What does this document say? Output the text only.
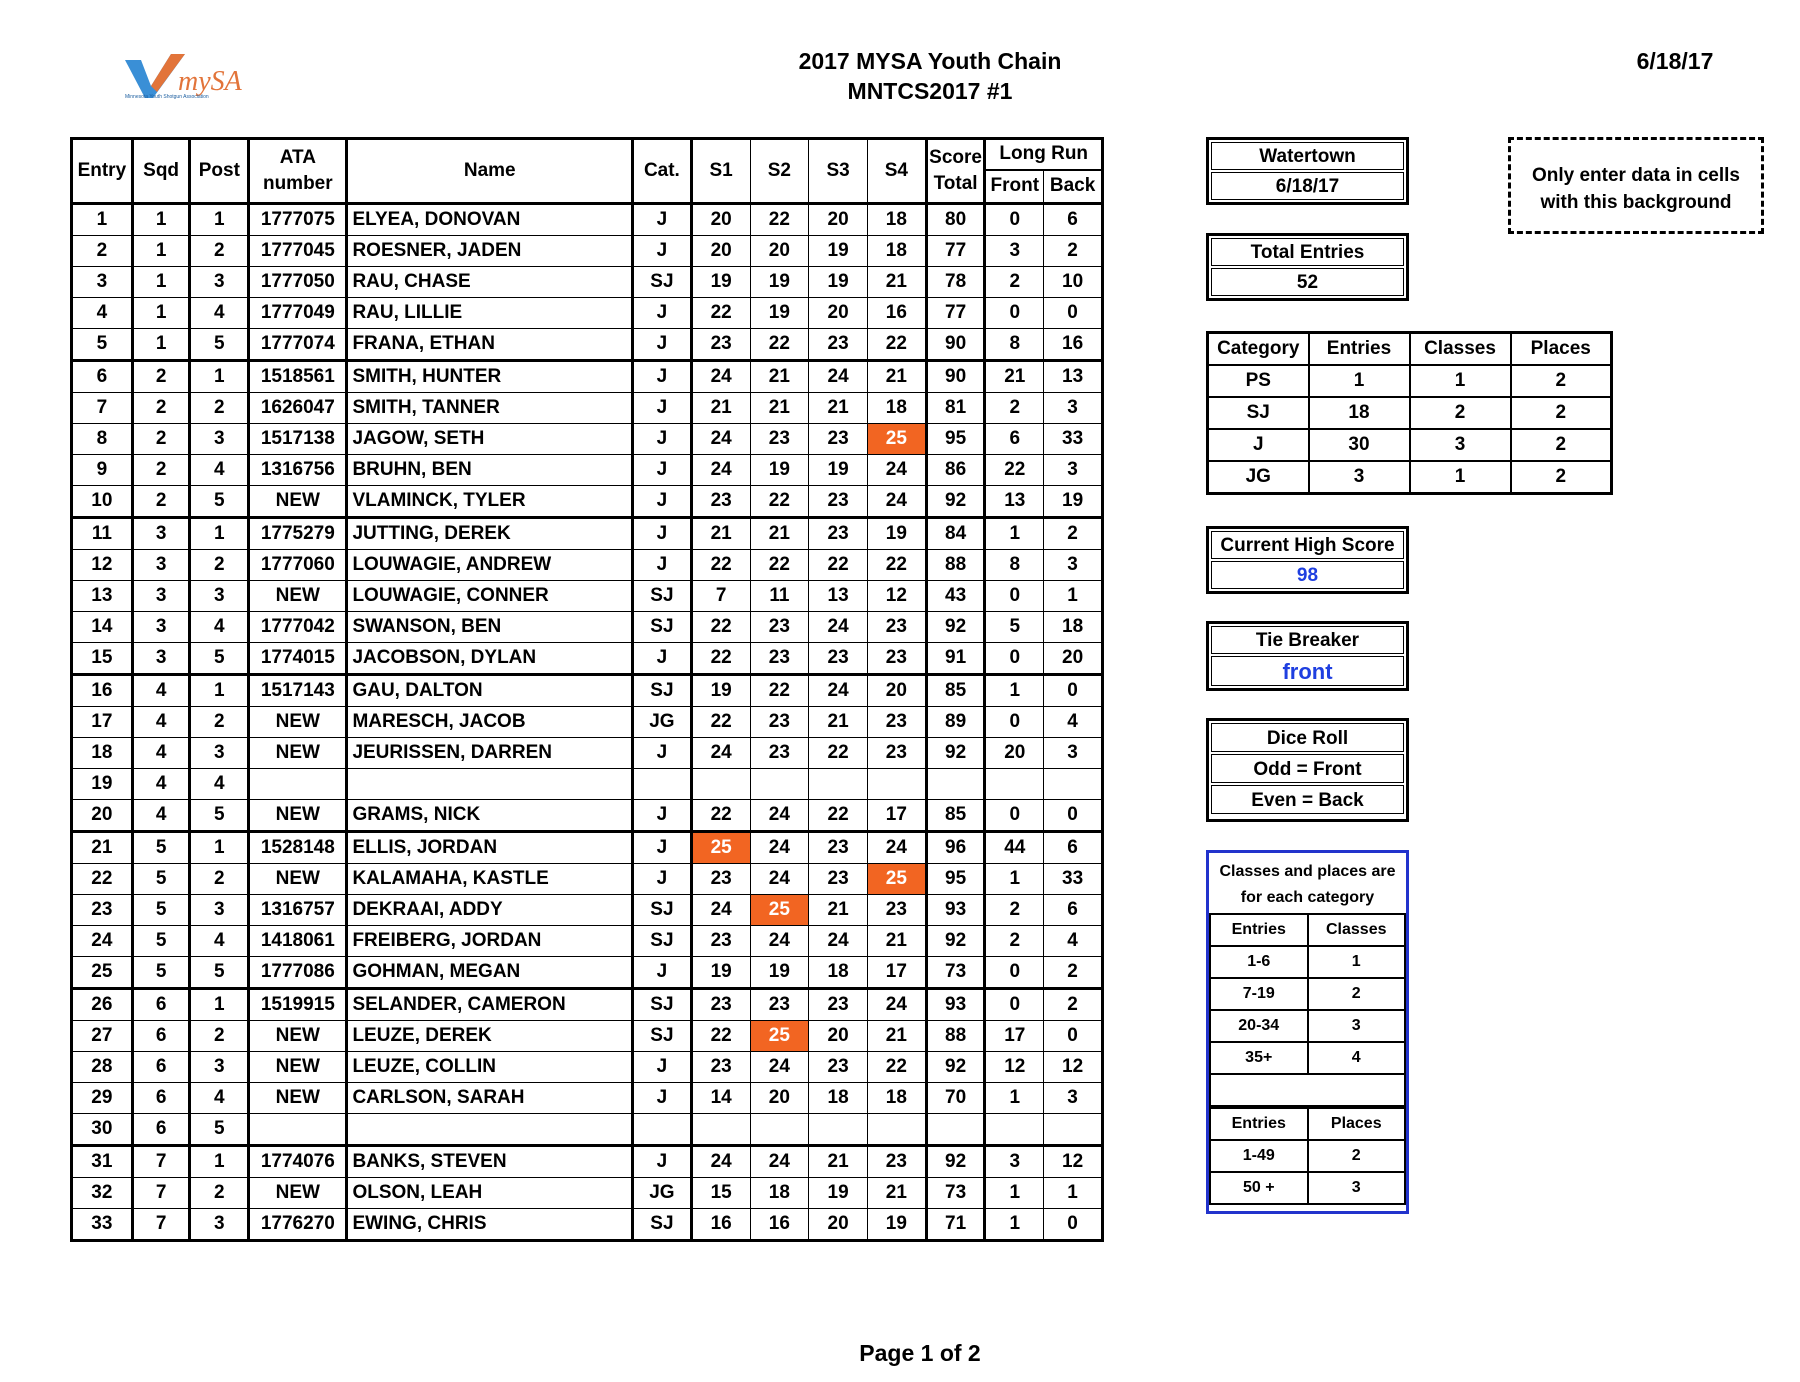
mySA
Minnesota Youth Shotgun Association
2017 MYSA Youth Chain
MNTCS2017 #1
6/18/17
Entry	Sqd	Post	ATA number	Name	Cat.	S1	S2	S3	S4	Score Total	Long Run	
											Front	Back
1	1	1	1777075	ELYEA, DONOVAN	J	20	22	20	18	80	0	6
2	1	2	1777045	ROESNER, JADEN	J	20	20	19	18	77	3	2
3	1	3	1777050	RAU, CHASE	SJ	19	19	19	21	78	2	10
4	1	4	1777049	RAU, LILLIE	J	22	19	20	16	77	0	0
5	1	5	1777074	FRANA, ETHAN	J	23	22	23	22	90	8	16
6	2	1	1518561	SMITH, HUNTER	J	24	21	24	21	90	21	13
7	2	2	1626047	SMITH, TANNER	J	21	21	21	18	81	2	3
8	2	3	1517138	JAGOW, SETH	J	24	23	23	25	95	6	33
9	2	4	1316756	BRUHN, BEN	J	24	19	19	24	86	22	3
10	2	5	NEW	VLAMINCK, TYLER	J	23	22	23	24	92	13	19
11	3	1	1775279	JUTTING, DEREK	J	21	21	23	19	84	1	2
12	3	2	1777060	LOUWAGIE, ANDREW	J	22	22	22	22	88	8	3
13	3	3	NEW	LOUWAGIE, CONNER	SJ	7	11	13	12	43	0	1
14	3	4	1777042	SWANSON, BEN	SJ	22	23	24	23	92	5	18
15	3	5	1774015	JACOBSON, DYLAN	J	22	23	23	23	91	0	20
16	4	1	1517143	GAU, DALTON	SJ	19	22	24	20	85	1	0
17	4	2	NEW	MARESCH, JACOB	JG	22	23	21	23	89	0	4
18	4	3	NEW	JEURISSEN, DARREN	J	24	23	22	23	92	20	3
19	4	4										
20	4	5	NEW	GRAMS, NICK	J	22	24	22	17	85	0	0
21	5	1	1528148	ELLIS, JORDAN	J	25	24	23	24	96	44	6
22	5	2	NEW	KALAMAHA, KASTLE	J	23	24	23	25	95	1	33
23	5	3	1316757	DEKRAAI, ADDY	SJ	24	25	21	23	93	2	6
24	5	4	1418061	FREIBERG, JORDAN	SJ	23	24	24	21	92	2	4
25	5	5	1777086	GOHMAN, MEGAN	J	19	19	18	17	73	0	2
26	6	1	1519915	SELANDER, CAMERON	SJ	23	23	23	24	93	0	2
27	6	2	NEW	LEUZE, DEREK	SJ	22	25	20	21	88	17	0
28	6	3	NEW	LEUZE, COLLIN	J	23	24	23	22	92	12	12
29	6	4	NEW	CARLSON, SARAH	J	14	20	18	18	70	1	3
30	6	5										
31	7	1	1774076	BANKS, STEVEN	J	24	24	21	23	92	3	12
32	7	2	NEW	OLSON, LEAH	JG	15	18	19	21	73	1	1
33	7	3	1776270	EWING, CHRIS	SJ	16	16	20	19	71	1	0
Watertown
6/18/17
Only enter data in cells
with this background
Total Entries
52
Category	Entries	Classes	Places
PS	1	1	2
SJ	18	2	2
J	30	3	2
JG	3	1	2
Current High Score
98
Tie Breaker
front
Dice Roll
Odd = Front
Even = Back
Classes and places are
for each category
Entries	Classes
1-6	1
7-19	2
20-34	3
35+	4
Entries	Places
1-49	2
50 +	3
Page 1 of 2
